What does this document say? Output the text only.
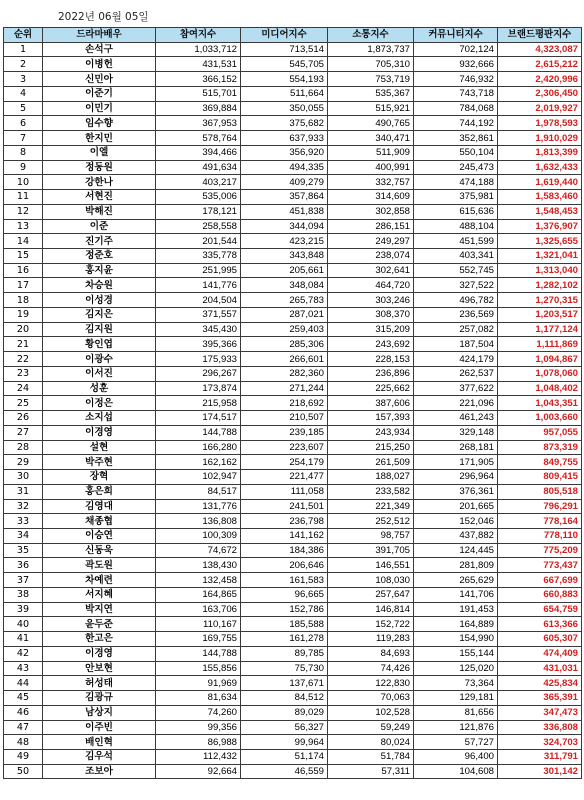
2022년 06월 05일
순위	드라마배우	참여지수	미디어지수	소통지수	커뮤니티지수	브랜드평판지수
1	손석구	1,033,712	713,514	1,873,737	702,124	4,323,087
2	이병헌	431,531	545,705	705,310	932,666	2,615,212
3	신민아	366,152	554,193	753,719	746,932	2,420,996
4	이준기	515,701	511,664	535,367	743,718	2,306,450
5	이민기	369,884	350,055	515,921	784,068	2,019,927
6	임수향	367,953	375,682	490,765	744,192	1,978,593
7	한지민	578,764	637,933	340,471	352,861	1,910,029
8	이엘	394,466	356,920	511,909	550,104	1,813,399
9	정동원	491,634	494,335	400,991	245,473	1,632,433
10	강한나	403,217	409,279	332,757	474,188	1,619,440
11	서현진	535,006	357,864	314,609	375,981	1,583,460
12	박해진	178,121	451,838	302,858	615,636	1,548,453
13	이준	258,558	344,094	286,151	488,104	1,376,907
14	진기주	201,544	423,215	249,297	451,599	1,325,655
15	정준호	335,778	343,848	238,074	403,341	1,321,041
16	홍지윤	251,995	205,661	302,641	552,745	1,313,040
17	차승원	141,776	348,084	464,720	327,522	1,282,102
18	이성경	204,504	265,783	303,246	496,782	1,270,315
19	김지은	371,557	287,021	308,370	236,569	1,203,517
20	김지원	345,430	259,403	315,209	257,082	1,177,124
21	황인엽	395,366	285,306	243,692	187,504	1,111,869
22	이광수	175,933	266,601	228,153	424,179	1,094,867
23	이서진	296,267	282,360	236,896	262,537	1,078,060
24	성훈	173,874	271,244	225,662	377,622	1,048,402
25	이정은	215,958	218,692	387,606	221,096	1,043,351
26	소지섭	174,517	210,507	157,393	461,243	1,003,660
27	이경영	144,788	239,185	243,934	329,148	957,055
28	설현	166,280	223,607	215,250	268,181	873,319
29	박주현	162,162	254,179	261,509	171,905	849,755
30	장혁	102,947	221,477	188,027	296,964	809,415
31	홍은희	84,517	111,058	233,582	376,361	805,518
32	김영대	131,776	241,501	221,349	201,665	796,291
33	채종협	136,808	236,798	252,512	152,046	778,164
34	이승연	100,309	141,162	98,757	437,882	778,110
35	신동욱	74,672	184,386	391,705	124,445	775,209
36	곽도원	138,430	206,646	146,551	281,809	773,437
37	차예련	132,458	161,583	108,030	265,629	667,699
38	서지혜	164,865	96,665	257,647	141,706	660,883
39	박지연	163,706	152,786	146,814	191,453	654,759
40	윤두준	110,167	185,588	152,722	164,889	613,366
41	한고은	169,755	161,278	119,283	154,990	605,307
42	이경영	144,788	89,785	84,693	155,144	474,409
43	안보현	155,856	75,730	74,426	125,020	431,031
44	허성태	91,969	137,671	122,830	73,364	425,834
45	김광규	81,634	84,512	70,063	129,181	365,391
46	남상지	74,260	89,029	102,528	81,656	347,473
47	이주빈	99,356	56,327	59,249	121,876	336,808
48	배인혁	86,988	99,964	80,024	57,727	324,703
49	김우석	112,432	51,174	51,784	96,400	311,791
50	조보아	92,664	46,559	57,311	104,608	301,142
